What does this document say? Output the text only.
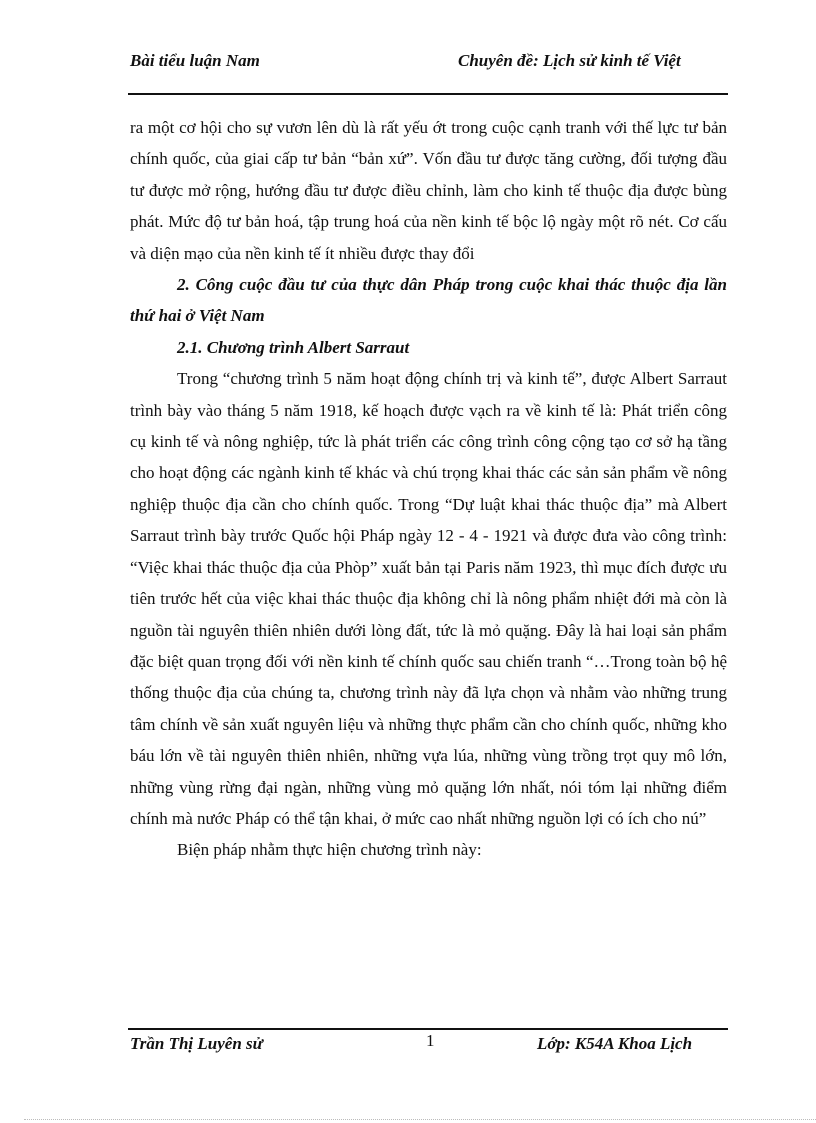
Bài tiểu luận Nam	Chuyên đề: Lịch sử kinh tế Việt

ra một cơ hội cho sự vươn lên dù là rất yếu ớt trong cuộc cạnh tranh với thế lực tư bản chính quốc, của giai cấp tư bản “bản xứ”. Vốn đầu tư được tăng cường, đối tượng đầu tư được mở rộng, hướng đầu tư được điều chỉnh, làm cho kinh tế thuộc địa được bùng phát. Mức độ tư bản hoá, tập trung hoá của nền kinh tế bộc lộ ngày một rõ nét. Cơ cấu và diện mạo của nền kinh tế ít nhiều được thay đổi

2. Công cuộc đầu tư của thực dân Pháp trong cuộc khai thác thuộc địa lần thứ hai ở Việt Nam

2.1. Chương trình Albert Sarraut

Trong “chương trình 5 năm hoạt động chính trị và kinh tế”, được Albert Sarraut trình bày vào tháng 5 năm 1918, kế hoạch được vạch ra về kinh tế là: Phát triển công cụ kinh tế và nông nghiệp, tức là phát triển các công trình công cộng tạo cơ sở hạ tầng cho hoạt động các ngành kinh tế khác và chú trọng khai thác các sản sản phẩm về nông nghiệp thuộc địa cần cho chính quốc. Trong “Dự luật khai thác thuộc địa” mà Albert Sarraut trình bày trước Quốc hội Pháp ngày 12 - 4 - 1921 và được đưa vào công trình: “Việc khai thác thuộc địa của Phòp” xuất bản tại Paris năm 1923, thì mục đích được ưu tiên trước hết của việc khai thác thuộc địa không chỉ là nông phẩm nhiệt đới mà còn là nguồn tài nguyên thiên nhiên dưới lòng đất, tức là mỏ quặng. Đây là hai loại sản phẩm đặc biệt quan trọng đối với nền kinh tế chính quốc sau chiến tranh “…Trong toàn bộ hệ thống thuộc địa của chúng ta, chương trình này đã lựa chọn và nhằm vào những trung tâm chính về sản xuất nguyên liệu và những thực phẩm cần cho chính quốc, những kho báu lớn về tài nguyên thiên nhiên, những vựa lúa, những vùng trồng trọt quy mô lớn, những vùng rừng đại ngàn, những vùng mỏ quặng lớn nhất, nói tóm lại những điểm chính mà nước Pháp có thể tận khai, ở mức cao nhất những nguồn lợi có ích cho nú”

Biện pháp nhằm thực hiện chương trình này:

Trần Thị Luyên sử	1	Lớp: K54A Khoa Lịch
